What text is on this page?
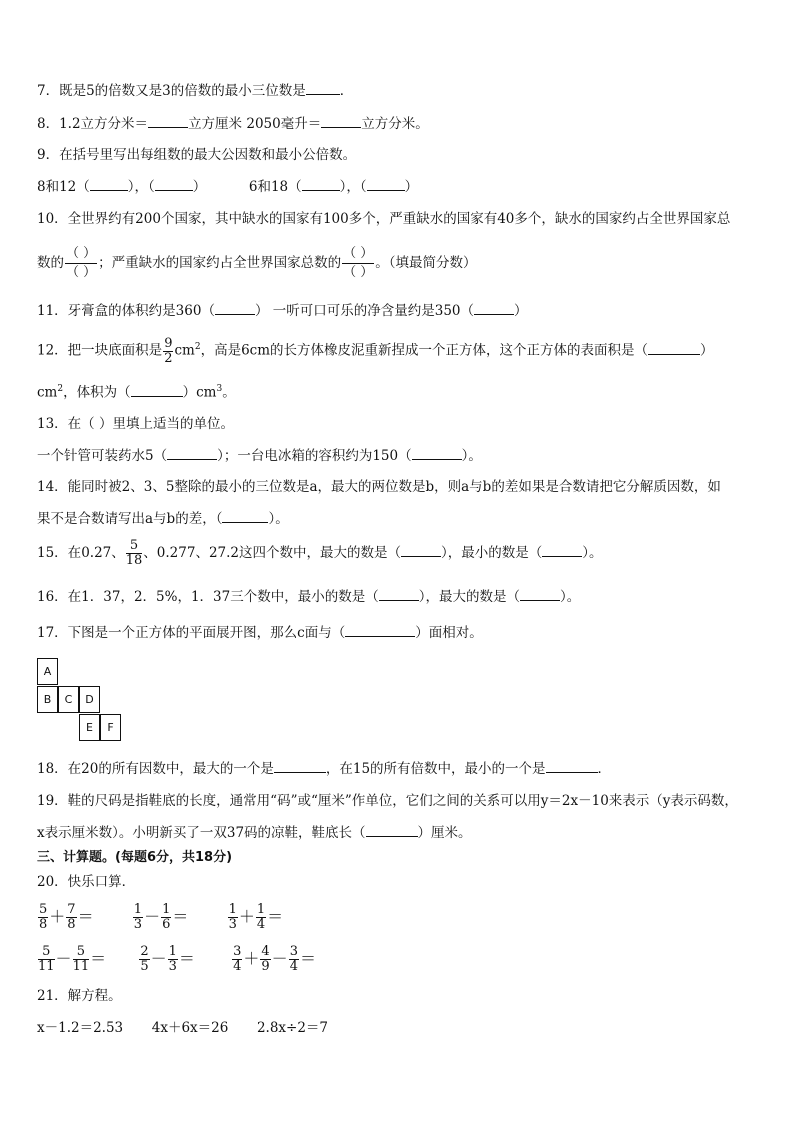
7．既是5的倍数又是3的倍数的最小三位数是	．
8．1.2立方分米＝	立方厘米 2050毫升＝	立方分米。
9．在括号里写出每组数的最大公因数和最小公倍数。
8和12（	），（	）	6和18（	），（	）
10．全世界约有200个国家，其中缺水的国家有100多个，严重缺水的国家有40多个，缺水的国家约占全世界国家总
数的
（ ）
（ ）
；严重缺水的国家约占全世界国家总数的
（ ）
（ ）
。（填最简分数）
11．牙膏盒的体积约是360（	） 一听可口可乐的净含量约是350（	）
12．把一块底面积是 $\frac{9}{2} cm^2$，高是6cm的长方体橡皮泥重新捏成一个正方体，这个正方体的表面积是（	）
$cm^2$，体积为（	）$cm^3$。
13．在（ ）里填上适当的单位。
一个针管可装药水5（	）；一台电冰箱的容积约为150（	）。
14．能同时被2、3、5整除的最小的三位数是a，最大的两位数是b，则a与b的差如果是合数请把它分解质因数，如
果不是合数请写出a与b的差，（	）。
15．在0.27、 $\frac{5}{18}$ 、0.277、27.2这四个数中，最大的数是（	），最小的数是（	）。
16．在1．37，2．5%，1．37三个数中，最小的数是（	），最大的数是（	）。
17．下图是一个正方体的平面展开图，那么c面与（	）面相对。
A
B	C	D
E	F
18．在20的所有因数中，最大的一个是	，在15的所有倍数中，最小的一个是	．
19．鞋的尺码是指鞋底的长度，通常用“码”或“厘米”作单位，它们之间的关系可以用y＝2x－10来表示（y表示码数，
x表示厘米数）。小明新买了一双37码的凉鞋，鞋底长（	）厘米。
三、计算题。(每题6分，共18分)
20．快乐口算．
$\frac{5}{8} + \frac{7}{8}$ ＝	$\frac{1}{3} - \frac{1}{6}$ ＝	$\frac{1}{3} + \frac{1}{4}$ ＝
$\frac{5}{11} - \frac{5}{11}$ ＝	$\frac{2}{5} - \frac{1}{3}$ ＝	$\frac{3}{4} + \frac{4}{9} - \frac{3}{4}$ ＝
21．解方程。
x－1.2＝2.53 4x＋6x＝26 2.8x÷2＝7
